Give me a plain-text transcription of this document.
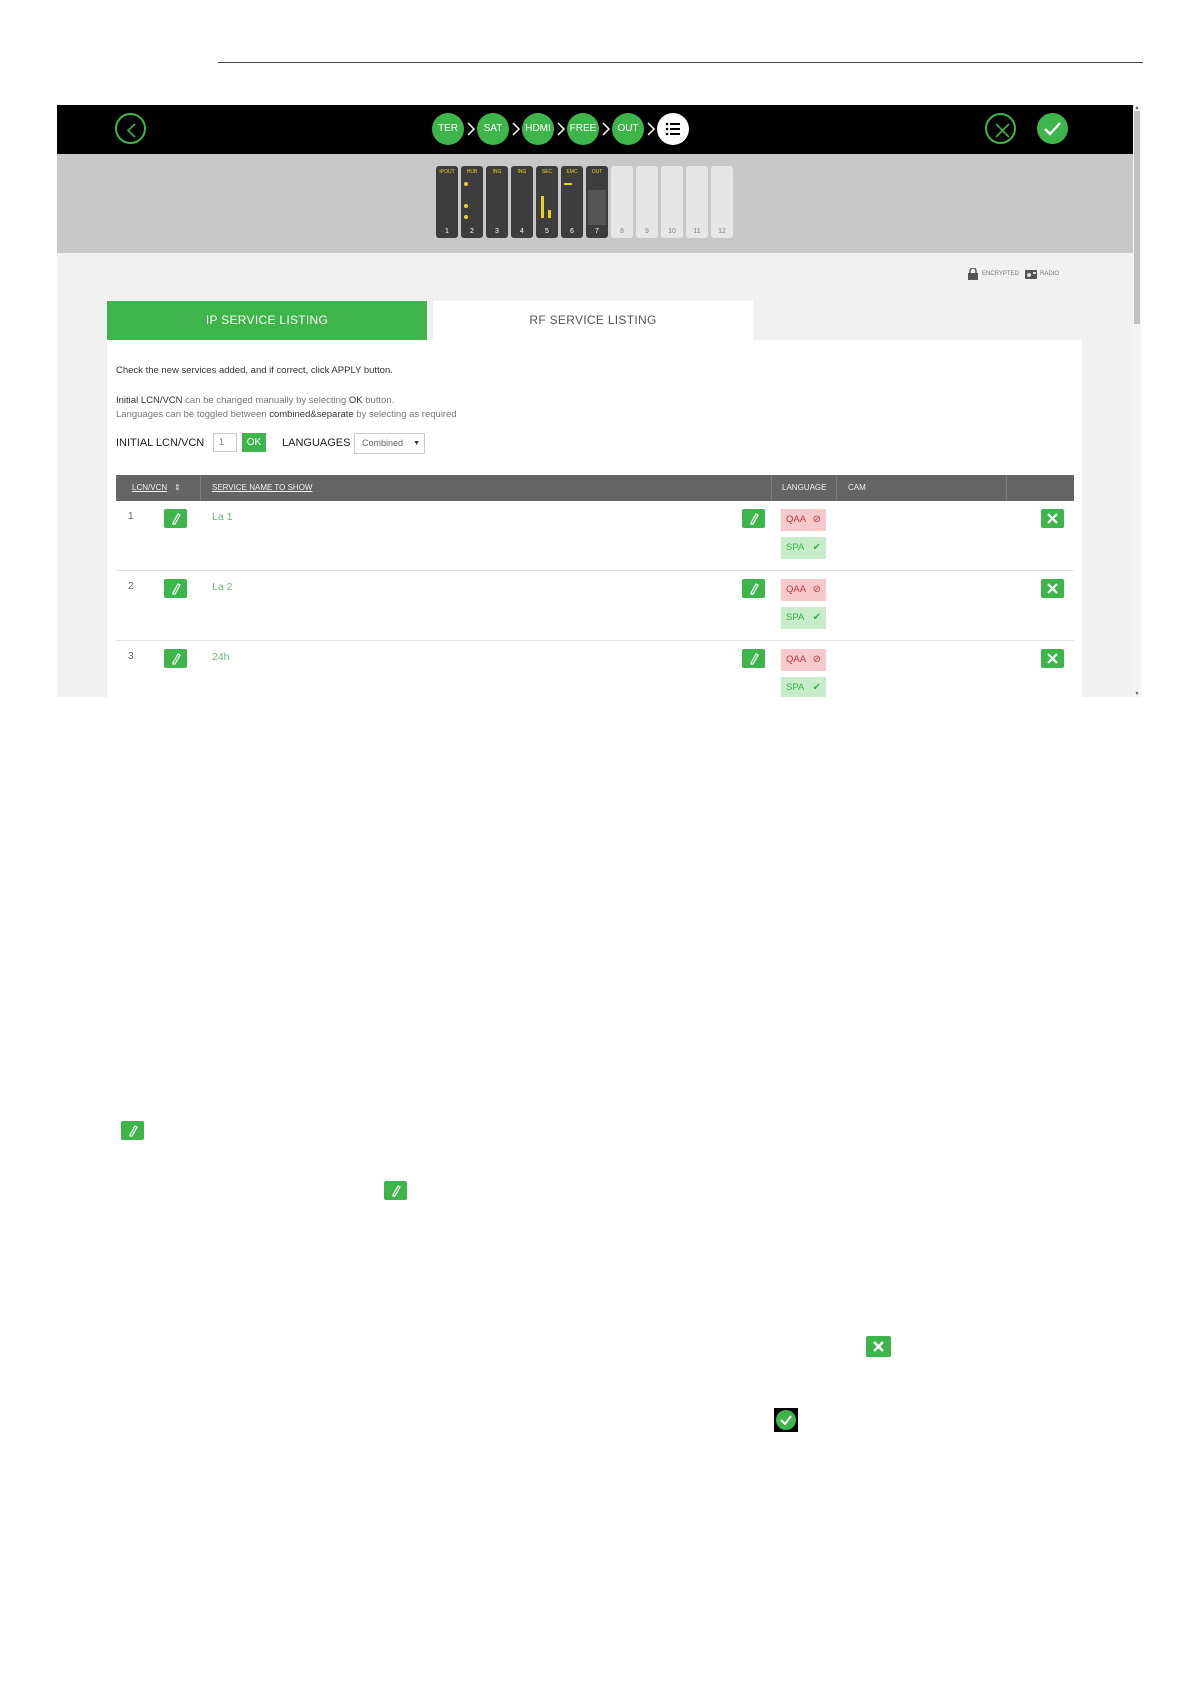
TER	SAT	HDMI	FREE	OUT
IPOUT
1
HUB
2
ING
3
ING
4
SEC
5
EMC
6
OUT
7	8	9	10	11	12
ENCRYPTED	RADIO
IP SERVICE LISTING	RF SERVICE LISTING
Check the new services added, and if correct, click APPLY button.
Initial LCN/VCN can be changed manually by selecting OK button.
Languages can be toggled between combined&separate by selecting as required
INITIAL LCN/VCN	1	OK	LANGUAGES	Combined ▼
LCN/VCN ⇕	SERVICE NAME TO SHOW	LANGUAGE	CAM
1	La 1	QAA ⊘
SPA ✔
2	La 2	QAA ⊘
SPA ✔
3	24h	QAA ⊘
SPA ✔
▲
▼
